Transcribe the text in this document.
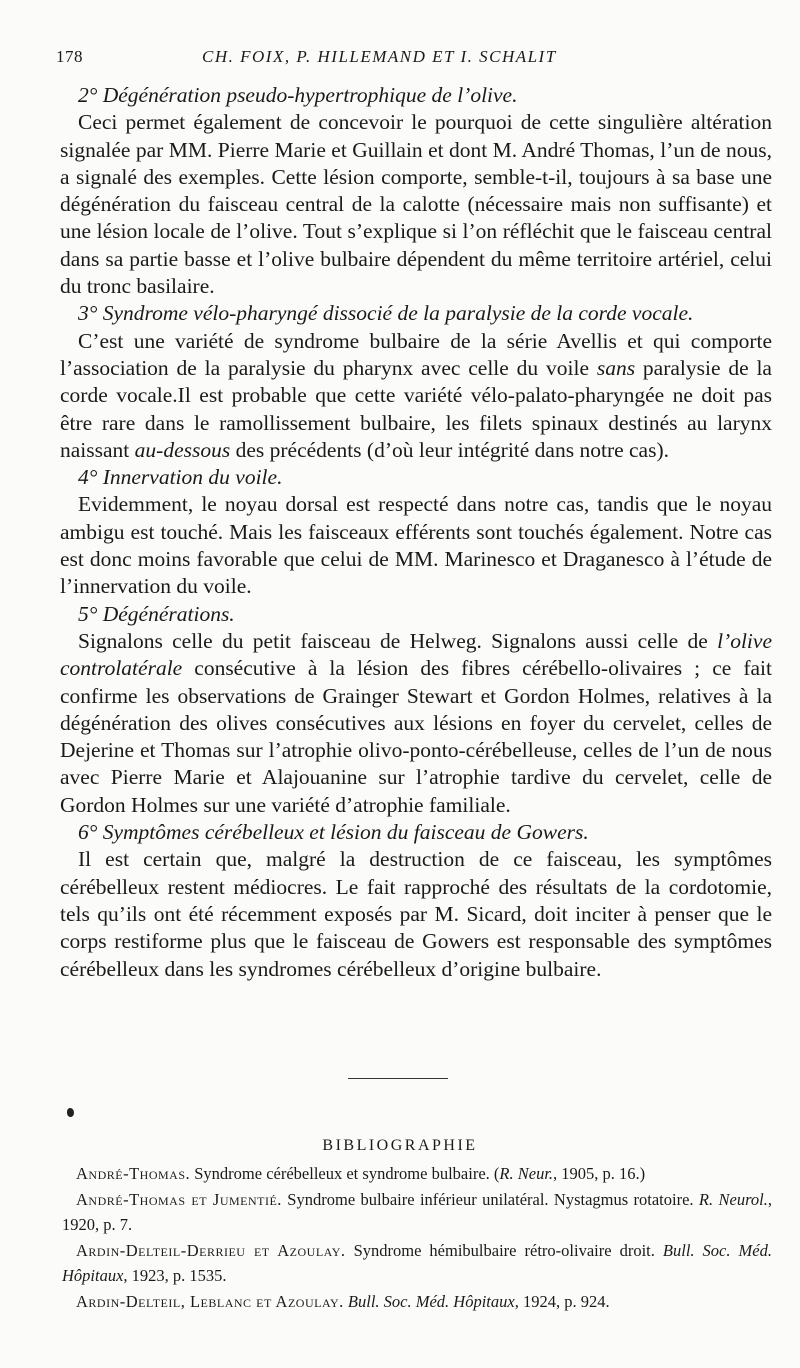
178	CH. FOIX, P. HILLEMAND ET I. SCHALIT

2° Dégénération pseudo-hypertrophique de l’olive.

Ceci permet également de concevoir le pourquoi de cette singulière altération signalée par MM. Pierre Marie et Guillain et dont M. André Thomas, l’un de nous, a signalé des exemples. Cette lésion comporte, semble-t-il, toujours à sa base une dégénération du faisceau central de la calotte (nécessaire mais non suffisante) et une lésion locale de l’olive. Tout s’explique si l’on réfléchit que le faisceau central dans sa partie basse et l’olive bulbaire dépendent du même territoire artériel, celui du tronc basilaire.

3° Syndrome vélo-pharyngé dissocié de la paralysie de la corde vocale.

C’est une variété de syndrome bulbaire de la série Avellis et qui comporte l’association de la paralysie du pharynx avec celle du voile sans paralysie de la corde vocale.Il est probable que cette variété vélo-palato-pharyngée ne doit pas être rare dans le ramollissement bulbaire, les filets spinaux destinés au larynx naissant au-dessous des précédents (d’où leur intégrité dans notre cas).

4° Innervation du voile.

Evidemment, le noyau dorsal est respecté dans notre cas, tandis que le noyau ambigu est touché. Mais les faisceaux efférents sont touchés également. Notre cas est donc moins favorable que celui de MM. Marinesco et Draganesco à l’étude de l’innervation du voile.

5° Dégénérations.

Signalons celle du petit faisceau de Helweg. Signalons aussi celle de l’olive controlatérale consécutive à la lésion des fibres cérébello-olivaires ; ce fait confirme les observations de Grainger Stewart et Gordon Holmes, relatives à la dégénération des olives consécutives aux lésions en foyer du cervelet, celles de Dejerine et Thomas sur l’atrophie olivo-ponto-cérébelleuse, celles de l’un de nous avec Pierre Marie et Alajouanine sur l’atrophie tardive du cervelet, celle de Gordon Holmes sur une variété d’atrophie familiale.

6° Symptômes cérébelleux et lésion du faisceau de Gowers.

Il est certain que, malgré la destruction de ce faisceau, les symptômes cérébelleux restent médiocres. Le fait rapproché des résultats de la cordotomie, tels qu’ils ont été récemment exposés par M. Sicard, doit inciter à penser que le corps restiforme plus que le faisceau de Gowers est responsable des symptômes cérébelleux dans les syndromes cérébelleux d’origine bulbaire.

BIBLIOGRAPHIE

André-Thomas. Syndrome cérébelleux et syndrome bulbaire. (R. Neur., 1905, p. 16.)

André-Thomas et Jumentié. Syndrome bulbaire inférieur unilatéral. Nystagmus rotatoire. R. Neurol., 1920, p. 7.

Ardin-Delteil-Derrieu et Azoulay. Syndrome hémibulbaire rétro-olivaire droit. Bull. Soc. Méd. Hôpitaux, 1923, p. 1535.

Ardin-Delteil, Leblanc et Azoulay. Bull. Soc. Méd. Hôpitaux, 1924, p. 924.
